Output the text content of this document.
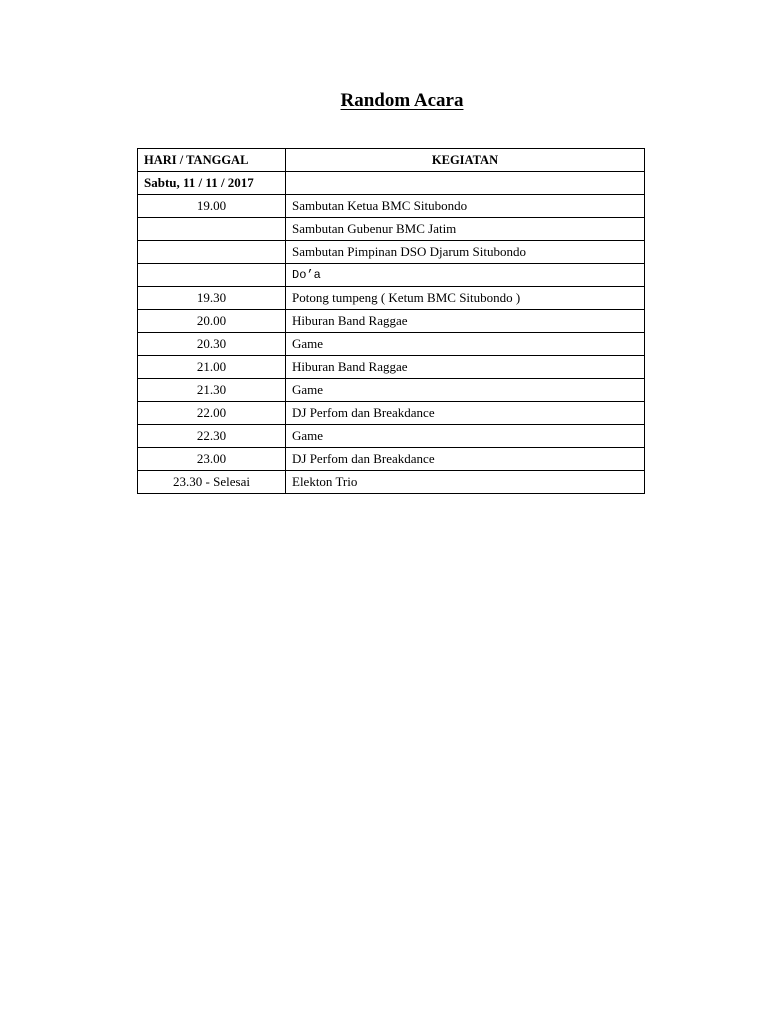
Random Acara
HARI / TANGGAL	KEGIATAN
Sabtu, 11 / 11 / 2017	
19.00	Sambutan Ketua BMC Situbondo
	Sambutan Gubenur BMC Jatim
	Sambutan Pimpinan DSO Djarum Situbondo
	Do’a
19.30	Potong tumpeng ( Ketum BMC Situbondo )
20.00	Hiburan Band Raggae
20.30	Game
21.00	Hiburan Band Raggae
21.30	Game
22.00	DJ Perfom dan Breakdance
22.30	Game
23.00	DJ Perfom dan Breakdance
23.30 - Selesai	Elekton Trio
